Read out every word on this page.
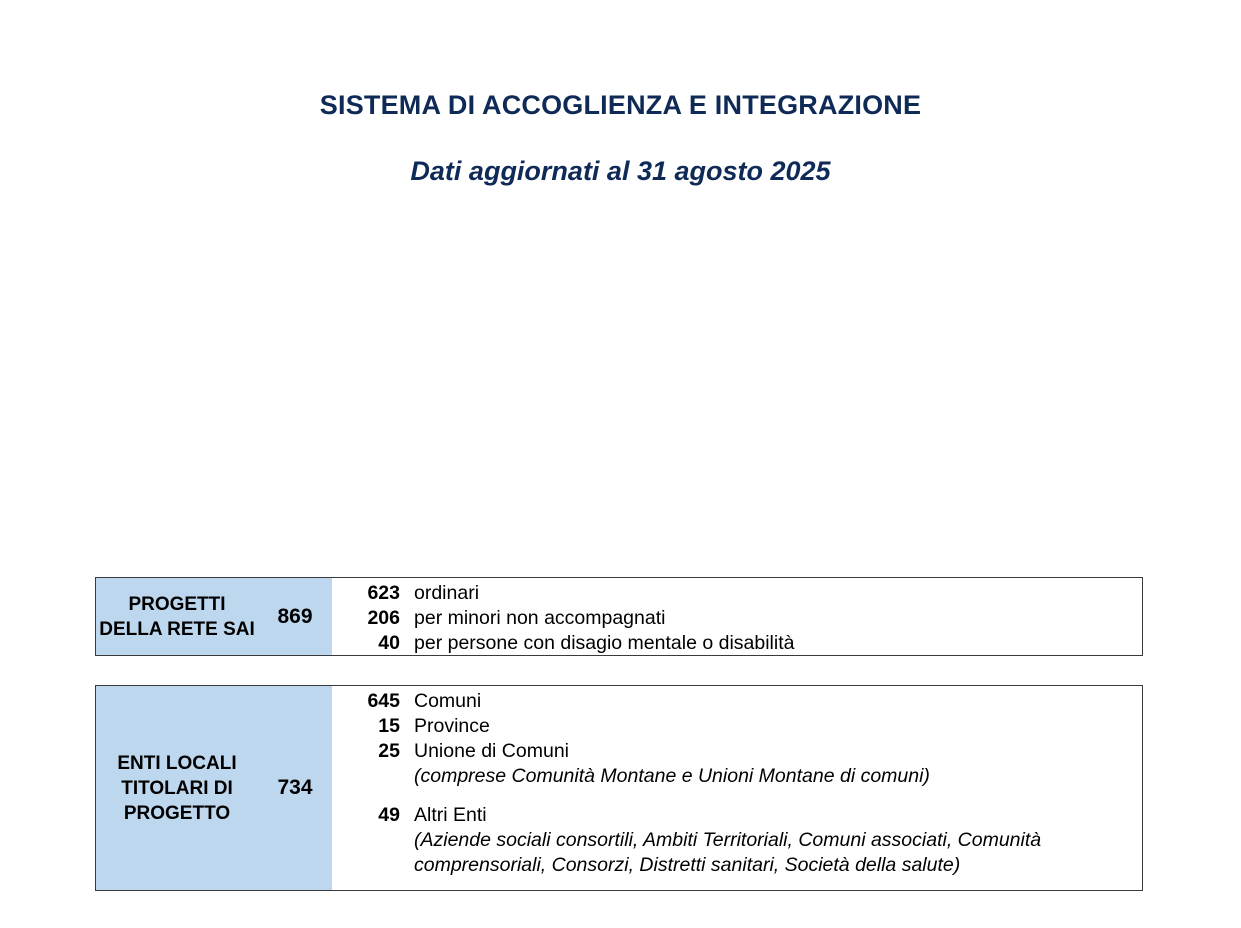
SISTEMA DI ACCOGLIENZA E INTEGRAZIONE
Dati aggiornati al 31 agosto 2025
PROGETTI
DELLA RETE SAI
869
623 ordinari
206 per minori non accompagnati
40 per persone con disagio mentale o disabilità
ENTI LOCALI
TITOLARI DI
PROGETTO
734
645 Comuni
15 Province
25 Unione di Comuni
(comprese Comunità Montane e Unioni Montane di comuni)
49 Altri Enti
(Aziende sociali consortili, Ambiti Territoriali, Comuni associati, Comunità
comprensoriali, Consorzi, Distretti sanitari, Società della salute)
